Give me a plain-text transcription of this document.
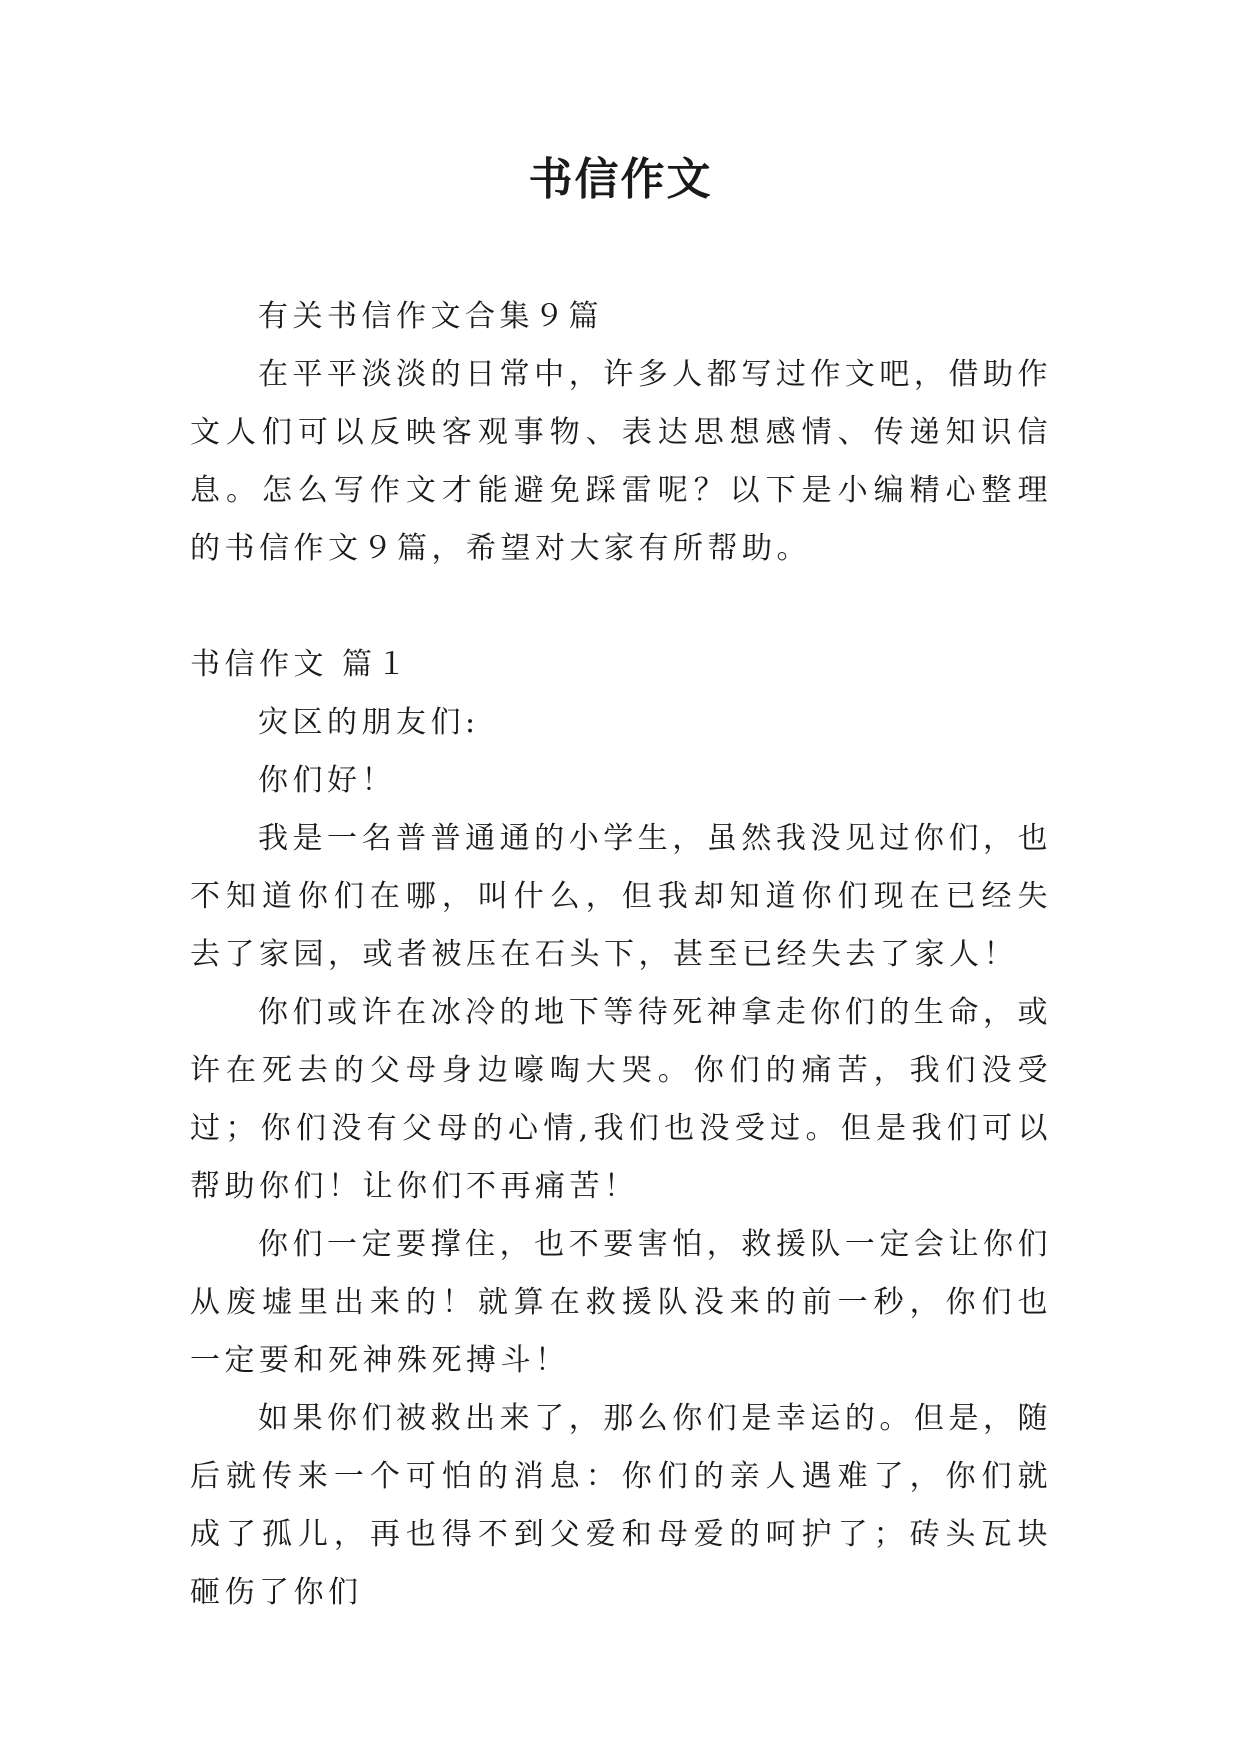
书信作文

有关书信作文合集９篇

在平平淡淡的日常中，许多人都写过作文吧，借助作文人们可以反映客观事物、表达思想感情、传递知识信息。怎么写作文才能避免踩雷呢？以下是小编精心整理的书信作文９篇，希望对大家有所帮助。

书信作文 篇１

灾区的朋友们:

你们好！

我是一名普普通通的小学生，虽然我没见过你们，也不知道你们在哪，叫什么，但我却知道你们现在已经失去了家园，或者被压在石头下，甚至已经失去了家人！

你们或许在冰冷的地下等待死神拿走你们的生命，或许在死去的父母身边嚎啕大哭。你们的痛苦，我们没受过；你们没有父母的心情,我们也没受过。但是我们可以帮助你们！让你们不再痛苦！

你们一定要撑住，也不要害怕，救援队一定会让你们从废墟里出来的！就算在救援队没来的前一秒，你们也一定要和死神殊死搏斗！

如果你们被救出来了，那么你们是幸运的。但是，随后就传来一个可怕的消息：你们的亲人遇难了，你们就成了孤儿，再也得不到父爱和母爱的呵护了；砖头瓦块砸伤了你们
